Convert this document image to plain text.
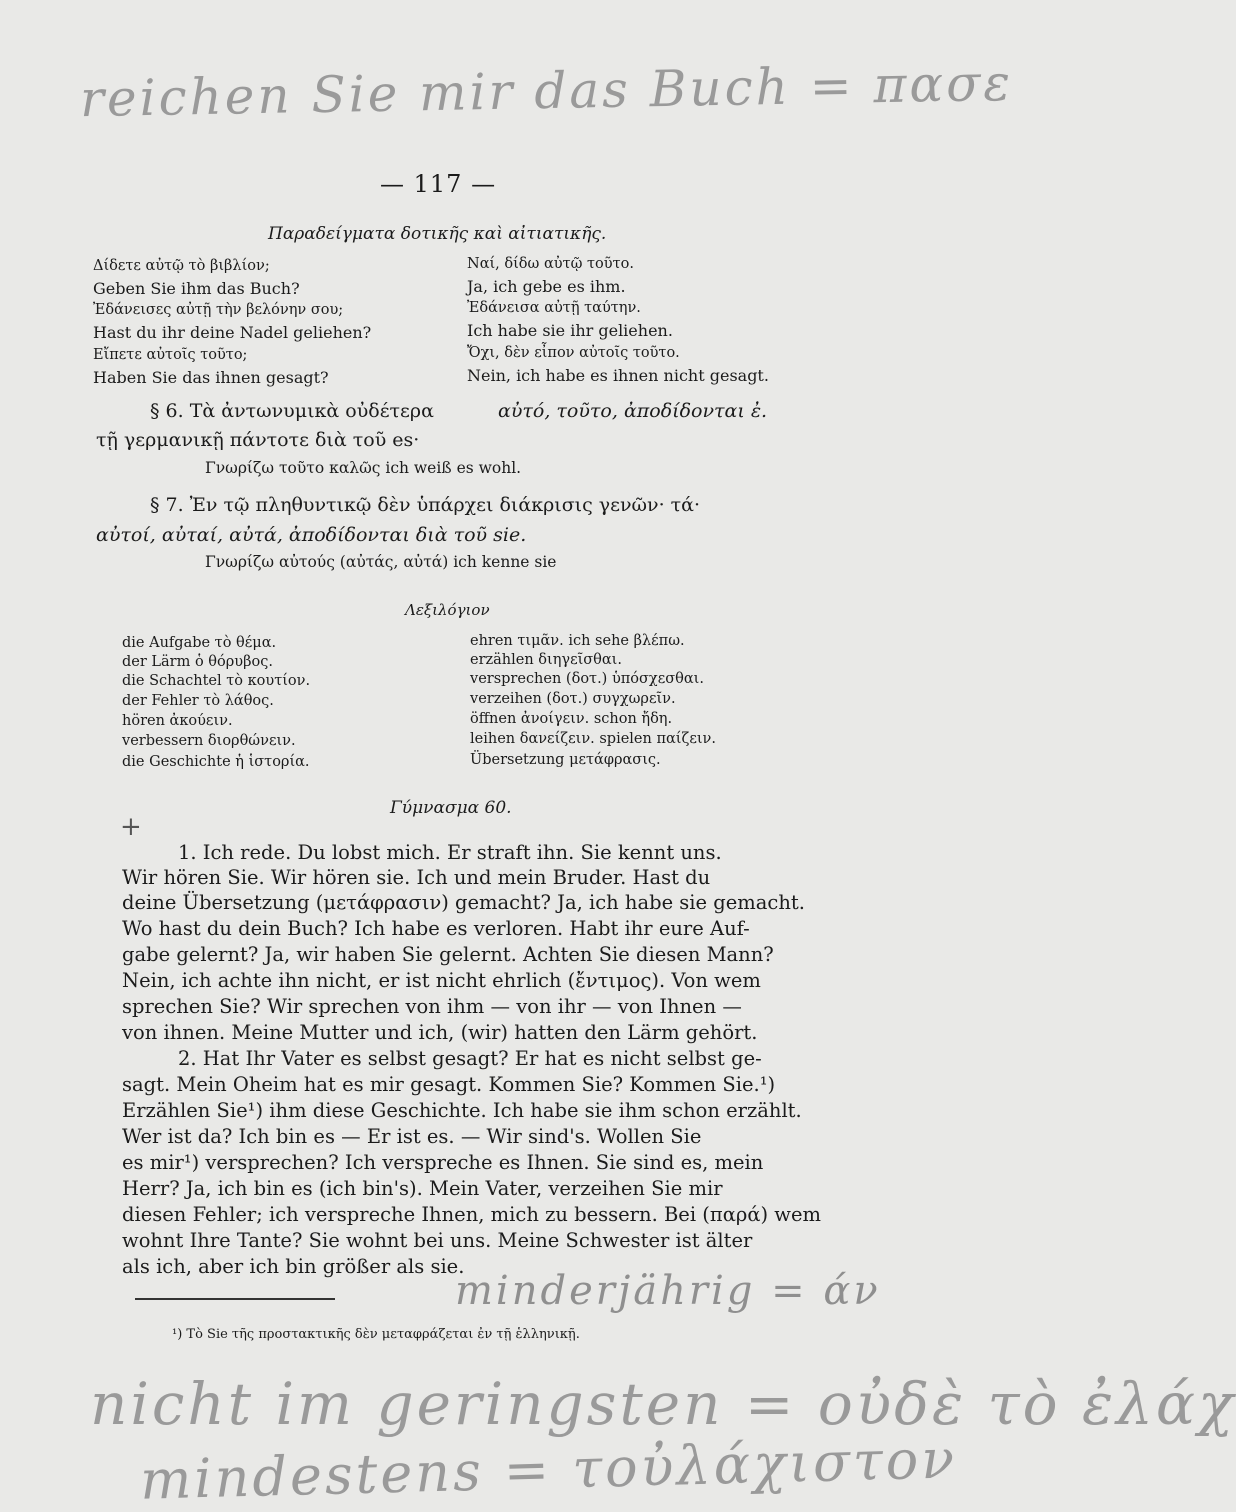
reichen Sie mir das Buch = πασε
— 117 —
Παραδείγματα δοτικῆς καὶ αἰτιατικῆς.
Δίδετε αὐτῷ τὸ βιβλίον;
Geben Sie ihm das Buch?
Ἐδάνεισες αὐτῇ τὴν βελόνην σου;
Hast du ihr deine Nadel geliehen?
Εἴπετε αὐτοῖς τοῦτο;
Haben Sie das ihnen gesagt?
Ναί, δίδω αὐτῷ τοῦτο.
Ja, ich gebe es ihm.
Ἐδάνεισα αὐτῇ ταύτην.
Ich habe sie ihr geliehen.
Ὄχι, δὲν εἶπον αὐτοῖς τοῦτο.
Nein, ich habe es ihnen nicht gesagt.
§ 6. Τὰ ἀντωνυμικὰ οὐδέτερα	αὐτό, τοῦτο, ἀποδίδονται ἐ.
τῇ γερμανικῇ πάντοτε διὰ τοῦ es·
Γνωρίζω τοῦτο καλῶς ich weiß es wohl.
§ 7. Ἐν τῷ πληθυντικῷ δὲν ὑπάρχει διάκρισις γενῶν· τά·
αὐτοί, αὐταί, αὐτά, ἀποδίδονται διὰ τοῦ sie.
Γνωρίζω αὐτούς (αὐτάς, αὐτά) ich kenne sie
Λεξιλόγιον
die Aufgabe τὸ θέμα.
der Lärm ὁ θόρυβος.
die Schachtel τὸ κουτίον.
der Fehler τὸ λάθος.
hören ἀκούειν.
verbessern διορθώνειν.
die Geschichte ἡ ἱστορία.
ehren τιμᾶν. ich sehe βλέπω.
erzählen διηγεῖσθαι.
versprechen (δοτ.) ὑπόσχεσθαι.
verzeihen (δοτ.) συγχωρεῖν.
öffnen ἀνοίγειν. schon ἤδη.
leihen δανείζειν. spielen παίζειν.
Übersetzung μετάφρασις.
Γύμνασμα 60.
+
1. Ich rede. Du lobst mich. Er straft ihn. Sie kennt uns.
Wir hören Sie. Wir hören sie. Ich und mein Bruder. Hast du
deine Übersetzung (μετάφρασιν) gemacht? Ja, ich habe sie gemacht.
Wo hast du dein Buch? Ich habe es verloren. Habt ihr eure Auf-
gabe gelernt? Ja, wir haben Sie gelernt. Achten Sie diesen Mann?
Nein, ich achte ihn nicht, er ist nicht ehrlich (ἔντιμος). Von wem
sprechen Sie? Wir sprechen von ihm — von ihr — von Ihnen —
von ihnen. Meine Mutter und ich, (wir) hatten den Lärm gehört.
2. Hat Ihr Vater es selbst gesagt? Er hat es nicht selbst ge-
sagt. Mein Oheim hat es mir gesagt. Kommen Sie? Kommen Sie.¹)
Erzählen Sie¹) ihm diese Geschichte. Ich habe sie ihm schon erzählt.
Wer ist da? Ich bin es — Er ist es. — Wir sind's. Wollen Sie
es mir¹) versprechen? Ich verspreche es Ihnen. Sie sind es, mein
Herr? Ja, ich bin es (ich bin's). Mein Vater, verzeihen Sie mir
diesen Fehler; ich verspreche Ihnen, mich zu bessern. Bei (παρά) wem
wohnt Ihre Tante? Sie wohnt bei uns. Meine Schwester ist älter
als ich, aber ich bin größer als sie.
minderjährig = άν
¹) Τὸ Sie τῆς προστακτικῆς δὲν μεταφράζεται ἐν τῇ ἑλληνικῇ.
nicht im geringsten = οὐδὲ τὸ ἐλάχ
mindestens = τοὐλάχιστον
